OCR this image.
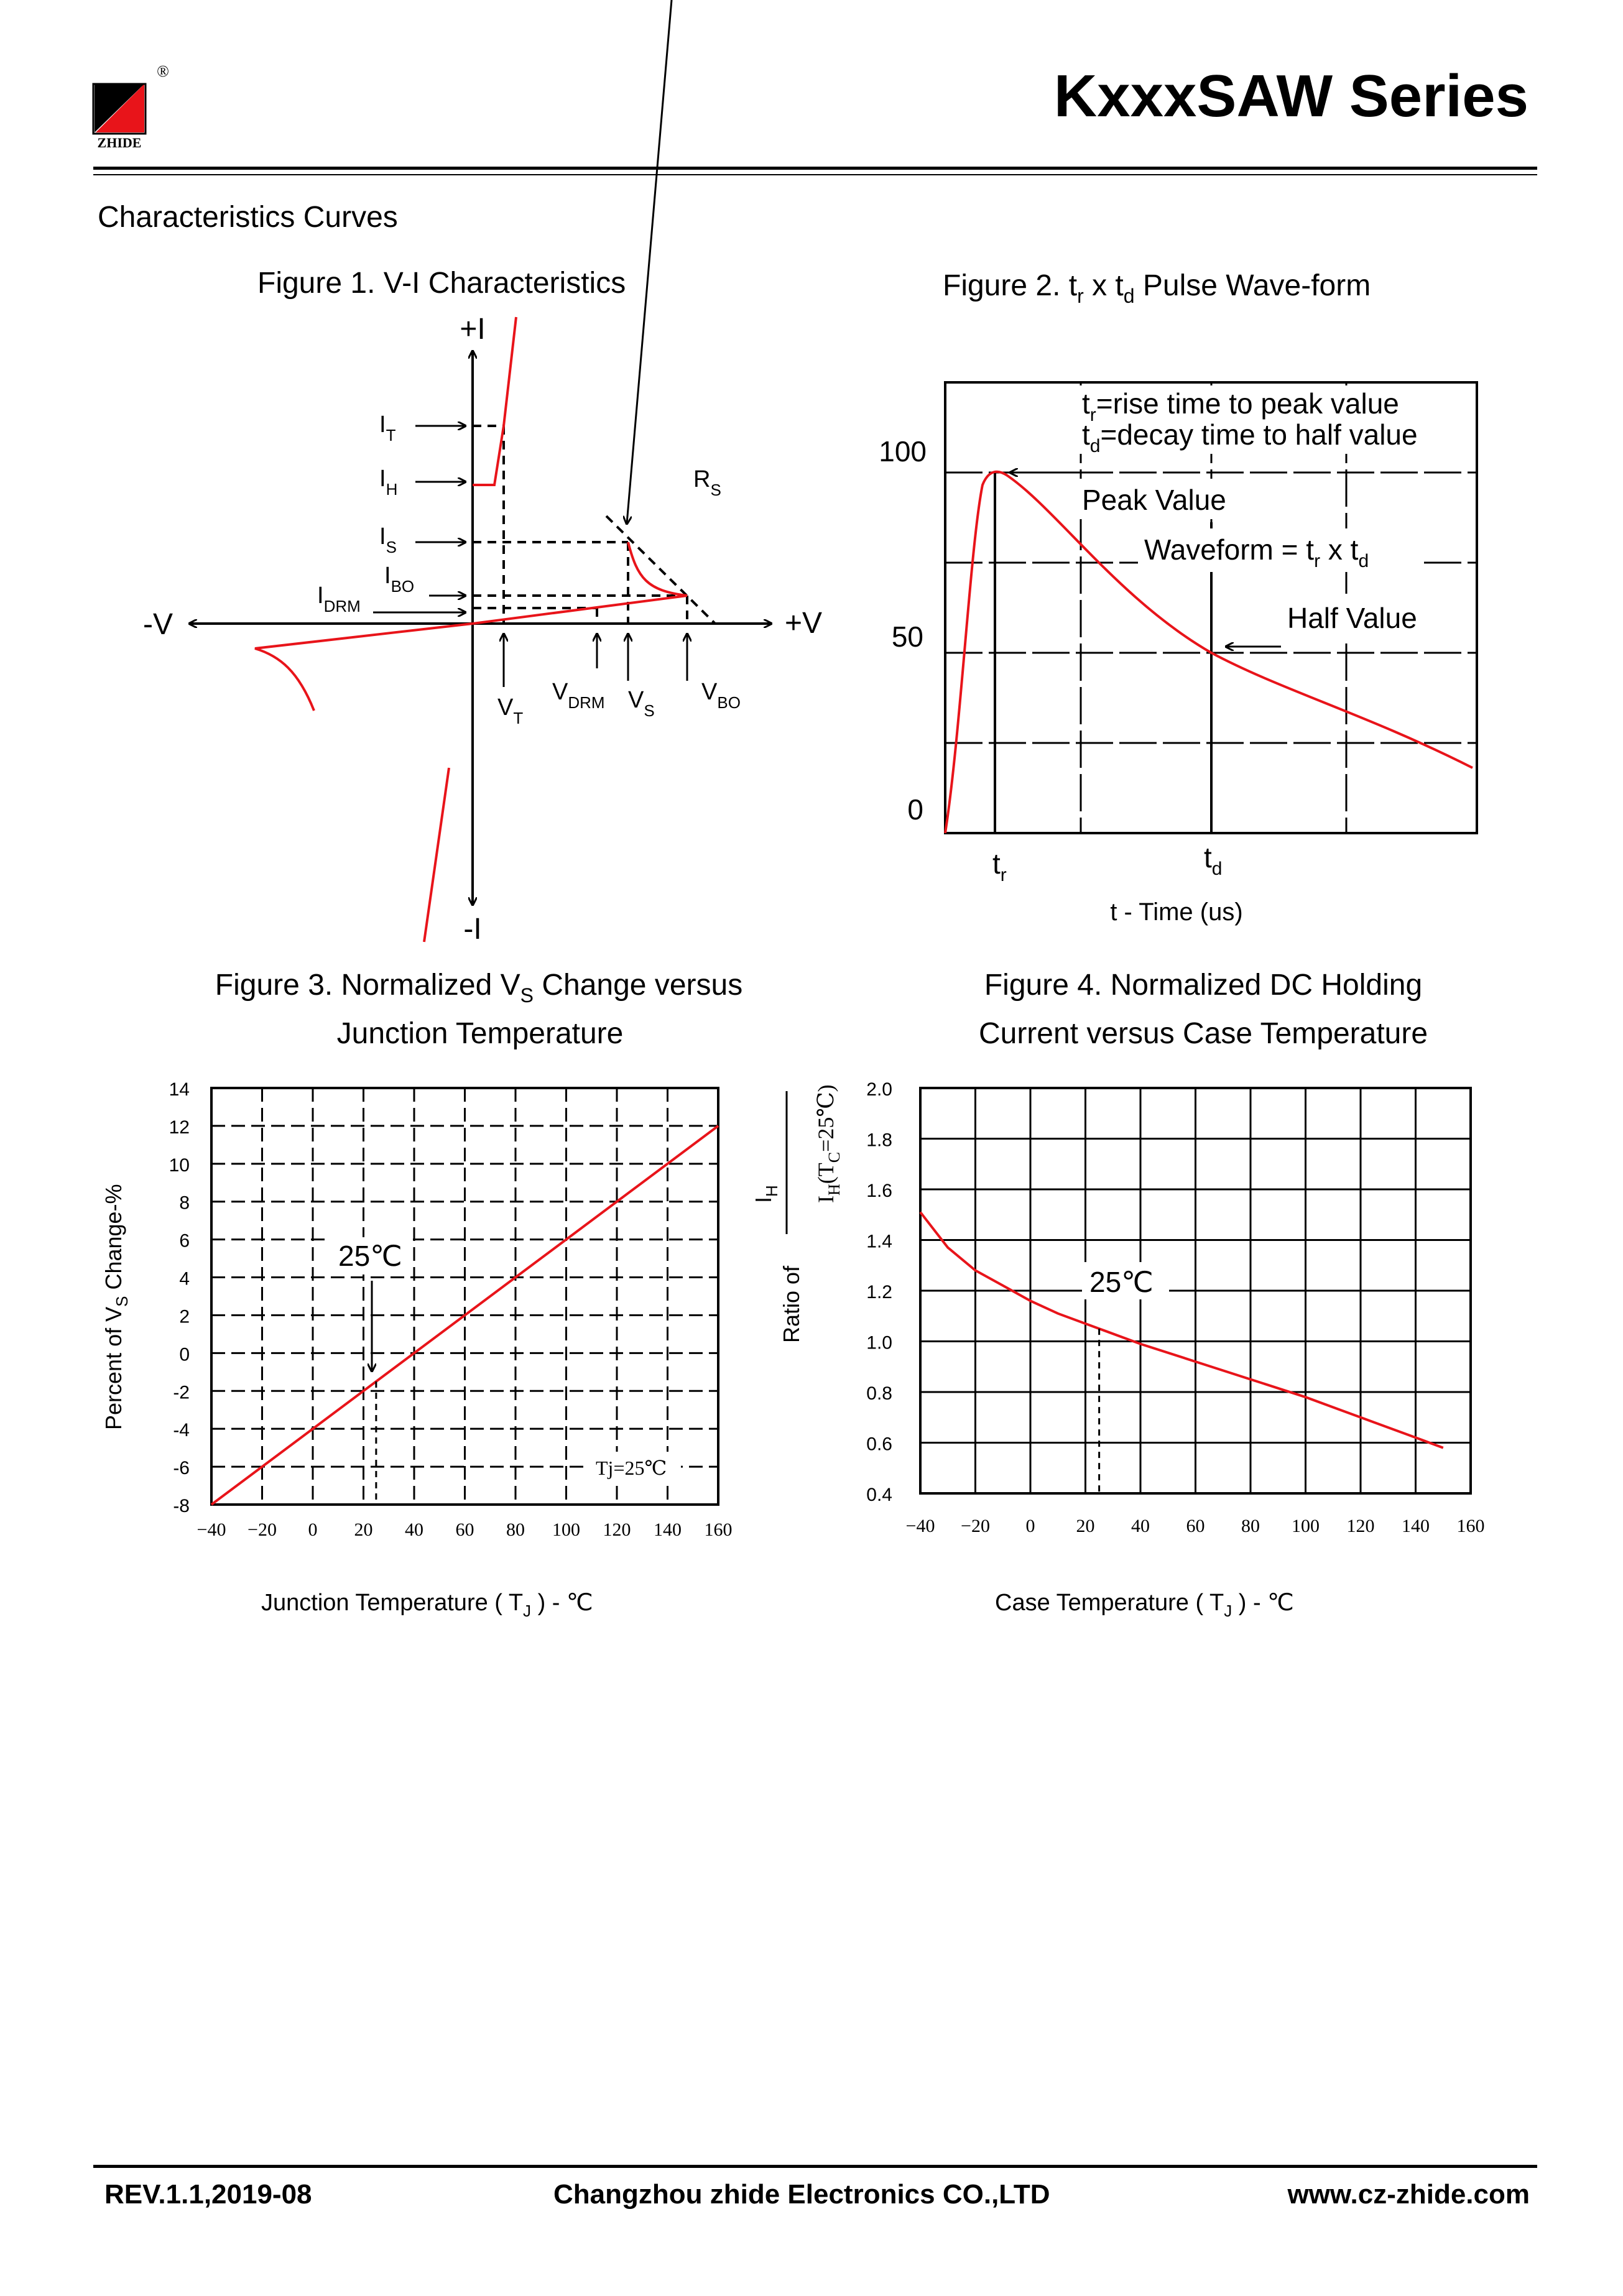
ZHIDE
®	KxxxSAW Series
Characteristics Curves
Figure 1. V-I Characteristics
+I
-I
+V
-V
$I_T$
$I_H$
$I_S$
$I_{BO}$
$I_{DRM}$
$R_S$
$V_T$
$V_{DRM}$ $V_S$
$V_{BO}$
Figure 2. $t_r$ x $t_d$ Pulse Wave-form
100
50
0
$t_r=rise$ time to peak value
$t_d=decay$ time to half value
Peak Value
Waveform = $t_r$ x $t_d$
Half Value
$t_r$
$t_d$
t - Time (us)
Figure 3. Normalized $V_S$ Change versus
Junction Temperature
−40 −20 0 20 40 60 80 100 120 140 160
-8
-6
-4
-2
0
2
4
6
8
10
12
14
Percent of $V_S$ Change-%
Junction Temperature ( $T_J$ ) - ℃
25℃
Tj=25℃
Figure 4. Normalized DC Holding
Current versus Case Temperature
−40 −20 0 20 40 60 80 100 120 140 160
0.4
0.6
0.8
1.0
1.2
1.4
1.6
1.8
2.0
Ratio of
$I_H$
$I_H(T_C=25℃)$
Case Temperature ( $T_J$ ) - ℃
25℃
REV.1.1,2019-08	Changzhou zhide Electronics CO.,LTD	www.cz-zhide.com
